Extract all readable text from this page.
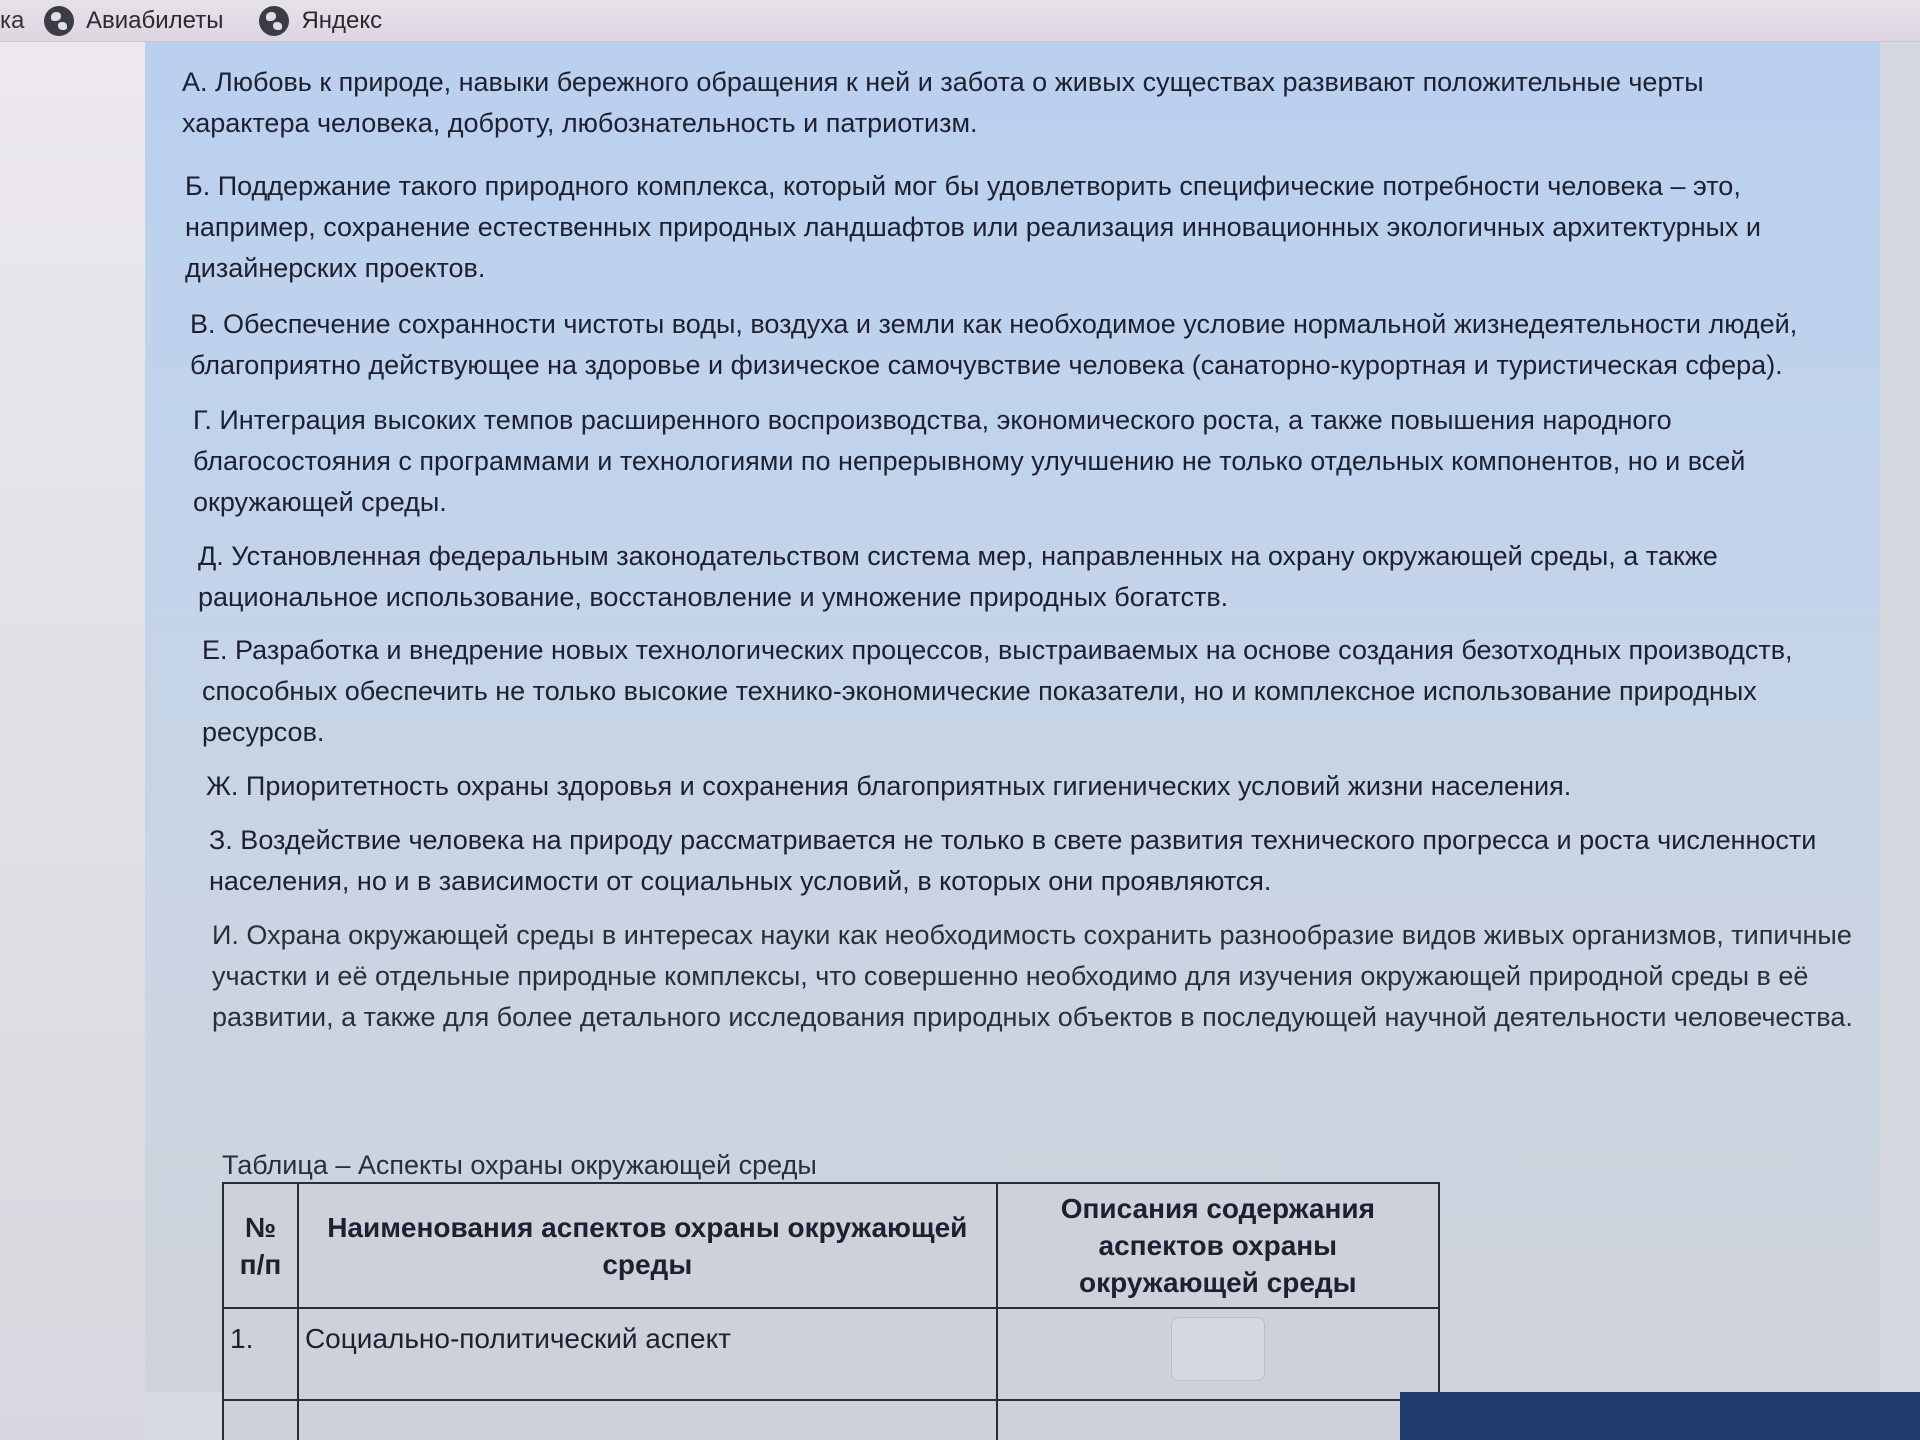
ка	Авиабилеты	Яндекс

А. Любовь к природе, навыки бережного обращения к ней и забота о живых существах развивают положительные черты характера человека, доброту, любознательность и патриотизм.

Б. Поддержание такого природного комплекса, который мог бы удовлетворить специфические потребности человека – это, например, сохранение естественных природных ландшафтов или реализация инновационных экологичных архитектурных и дизайнерских проектов.

В. Обеспечение сохранности чистоты воды, воздуха и земли как необходимое условие нормальной жизнедеятельности людей, благоприятно действующее на здоровье и физическое самочувствие человека (санаторно-курортная и туристическая сфера).

Г. Интеграция высоких темпов расширенного воспроизводства, экономического роста, а также повышения народного благосостояния с программами и технологиями по непрерывному улучшению не только отдельных компонентов, но и всей окружающей среды.

Д. Установленная федеральным законодательством система мер, направленных на охрану окружающей среды, а также рациональное использование, восстановление и умножение природных богатств.

Е. Разработка и внедрение новых технологических процессов, выстраиваемых на основе создания безотходных производств, способных обеспечить не только высокие технико-экономические показатели, но и комплексное использование природных ресурсов.

Ж. Приоритетность охраны здоровья и сохранения благоприятных гигиенических условий жизни населения.

З. Воздействие человека на природу рассматривается не только в свете развития технического прогресса и роста численности населения, но и в зависимости от социальных условий, в которых они проявляются.

И. Охрана окружающей среды в интересах науки как необходимость сохранить разнообразие видов живых организмов, типичные участки и её отдельные природные комплексы, что совершенно необходимо для изучения окружающей природной среды в её развитии, а также для более детального исследования природных объектов в последующей научной деятельности человечества.

Таблица – Аспекты охраны окружающей среды
№ п/п	Наименования аспектов охраны окружающей среды	Описания содержания аспектов охраны окружающей среды
1.	Социально-политический аспект	
